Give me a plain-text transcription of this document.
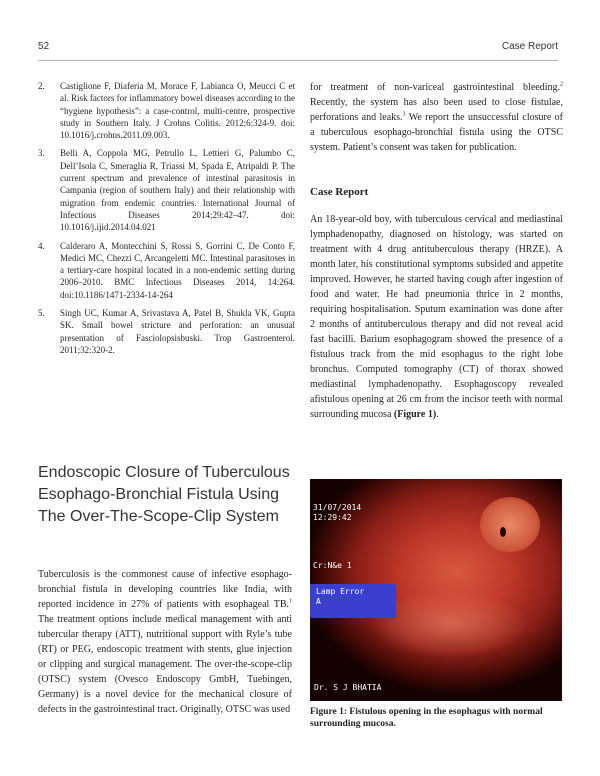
52	Case Report
2.	Castiglione F, Diaferia M, Morace F, Labianca O, Meucci C et al. Risk factors for inflammatory bowel diseases according to the “hygiene hypothesis”: a case-control, multi-centre, prospective study in Southern Italy. J Crohns Colitis. 2012;6:324-9. doi: 10.1016/j.crohns.2011.09.003.
3.	Belli A, Coppola MG, Petrullo L, Lettieri G, Palumbo C, Dell’Isola C, Smeraglia R, Triassi M, Spada E, Atripaldi P. The current spectrum and prevalence of intestinal parasitosis in Campania (region of southern Italy) and their relationship with migration from endemic countries. International Journal of Infectious Diseases 2014;29:42–47. doi: 10.1016/j.ijid.2014.04.021
4.	Calderaro A, Montecchini S, Rossi S, Gorrini C, De Conto F, Medici MC, Chezzi C, Arcangeletti MC. Intestinal parasitoses in a tertiary-care hospital located in a non-endemic setting during 2006–2010. BMC Infectious Diseases 2014, 14:264. doi:10.1186/1471-2334-14-264
5.	Singh UC, Kumar A, Srivastava A, Patel B, Shukla VK, Gupta SK. Small bowel stricture and perforation: an unusual presentation of Fasciolopsisbuski. Trop Gastroenterol. 2011;32:320-2.
Endoscopic Closure of Tuberculous Esophago-Bronchial Fistula Using The Over-The-Scope-Clip System

Tuberculosis is the commonest cause of infective esophago-bronchial fistula in developing countries like India, with reported incidence in 27% of patients with esophageal TB.$^1$ The treatment options include medical management with anti tubercular therapy (ATT), nutritional support with Ryle’s tube (RT) or PEG, endoscopic treatment with stents, glue injection or clipping and surgical management. The over-the-scope-clip (OTSC) system (Ovesco Endoscopy GmbH, Tuebingen, Germany) is a novel device for the mechanical closure of defects in the gastrointestinal tract. Originally, OTSC was used

for treatment of non-variceal gastrointestinal bleeding.$^2$ Recently, the system has also been used to close fistulae, perforations and leaks.$^3$ We report the unsuccessful closure of a tuberculous esophago-bronchial fistula using the OTSC system. Patient’s consent was taken for publication.

Case Report

An 18-year-old boy, with tuberculous cervical and mediastinal lymphadenopathy, diagnosed on histology, was started on treatment with 4 drug antituberculous therapy (HRZE). A month later, his constitutional symptoms subsided and appetite improved. However, he started having cough after ingestion of food and water. He had pneumonia thrice in 2 months, requiring hospitalisation. Sputum examination was done after 2 months of antituberculous therapy and did not reveal acid fast bacilli. Barium esophagogram showed the presence of a fistulous track from the mid esophagus to the right lobe bronchus. Computed tomography (CT) of thorax showed mediastinal lymphadenopathy. Esophagoscopy revealed afistulous opening at 26 cm from the incisor teeth with normal surrounding mucosa (Figure 1).

31/07/2014
12:29:42
Cr:N&e 1
Lamp Error
A
Dr. S J BHATIA
Figure 1: Fistulous opening in the esophagus with normal surrounding mucosa.
